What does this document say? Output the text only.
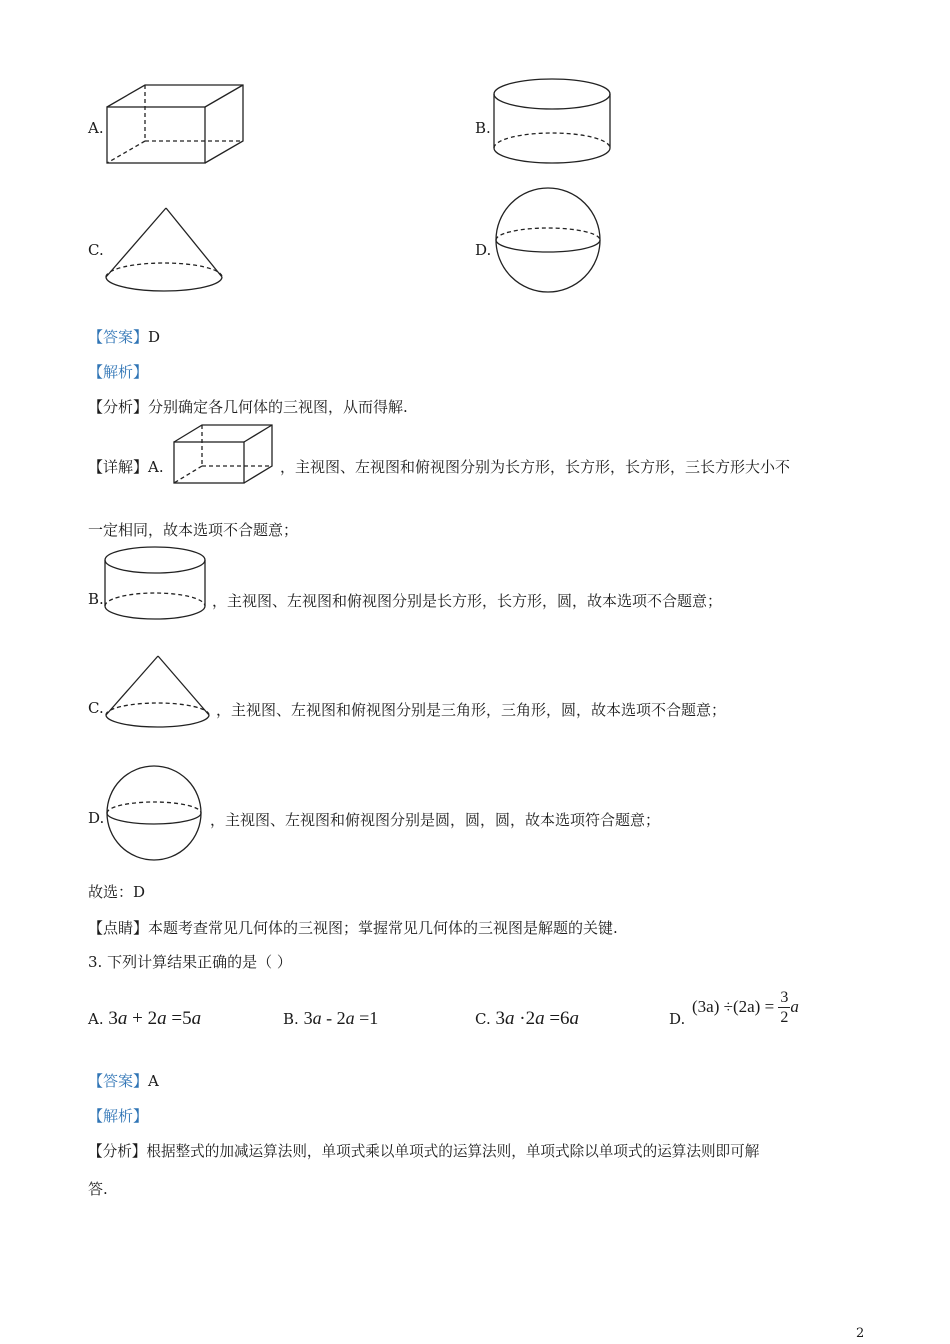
A.	B.
C.	D.
【答案】D
【解析】
【分析】分别确定各几何体的三视图，从而得解.
【详解】A.	，主视图、左视图和俯视图分别为长方形，长方形，长方形，三长方形大小不
一定相同，故本选项不合题意；
B.	，主视图、左视图和俯视图分别是长方形，长方形，圆，故本选项不合题意；
C.	，主视图、左视图和俯视图分别是三角形，三角形，圆，故本选项不合题意；
D.	，主视图、左视图和俯视图分别是圆，圆，圆，故本选项符合题意；
故选：D
【点睛】本题考查常见几何体的三视图；掌握常见几何体的三视图是解题的关键.
3. 下列计算结果正确的是（ ）
A. 3a + 2a =5a	B. 3a - 2a =1	C. 3a ·2a =6a	D.
$(3a) \div(2a) = \frac{3}{2}$ a
【答案】A
【解析】
【分析】根据整式的加减运算法则，单项式乘以单项式的运算法则，单项式除以单项式的运算法则即可解
答.
2
